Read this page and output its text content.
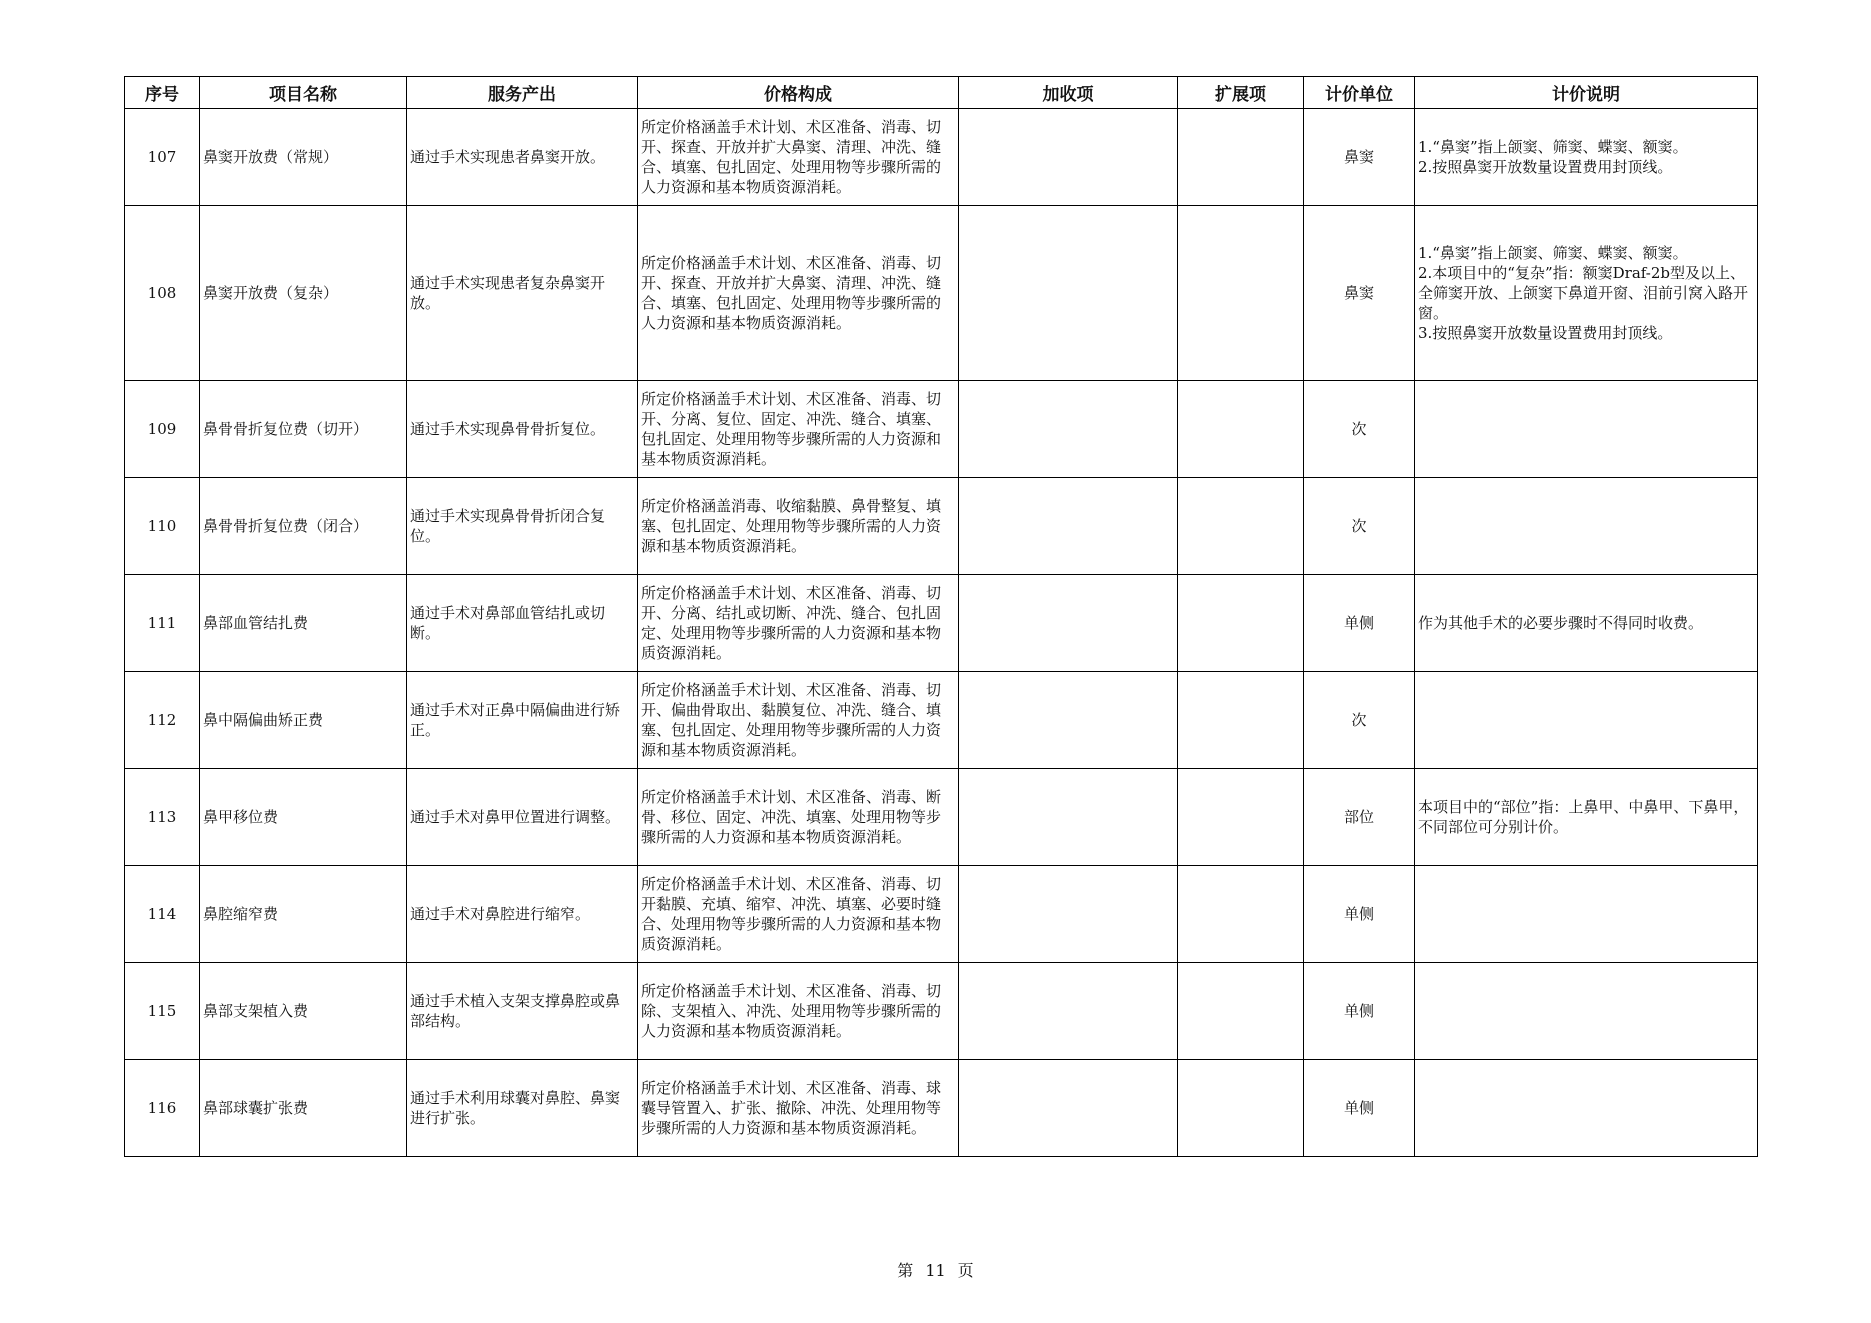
序号	项目名称	服务产出	价格构成	加收项	扩展项	计价单位	计价说明
107	鼻窦开放费（常规）	通过手术实现患者鼻窦开放。	所定价格涵盖手术计划、术区准备、消毒、切开、探查、开放并扩大鼻窦、清理、冲洗、缝合、填塞、包扎固定、处理用物等步骤所需的人力资源和基本物质资源消耗。			鼻窦	1.“鼻窦”指上颌窦、筛窦、蝶窦、额窦。
2.按照鼻窦开放数量设置费用封顶线。

108	鼻窦开放费（复杂）	通过手术实现患者复杂鼻窦开放。	所定价格涵盖手术计划、术区准备、消毒、切开、探查、开放并扩大鼻窦、清理、冲洗、缝合、填塞、包扎固定、处理用物等步骤所需的人力资源和基本物质资源消耗。			鼻窦	1.“鼻窦”指上颌窦、筛窦、蝶窦、额窦。
2.本项目中的“复杂”指：额窦Draf-2b型及以上、全筛窦开放、上颌窦下鼻道开窗、泪前引窝入路开窗。
3.按照鼻窦开放数量设置费用封顶线。

109	鼻骨骨折复位费（切开）	通过手术实现鼻骨骨折复位。	所定价格涵盖手术计划、术区准备、消毒、切开、分离、复位、固定、冲洗、缝合、填塞、包扎固定、处理用物等步骤所需的人力资源和基本物质资源消耗。			次	
110	鼻骨骨折复位费（闭合）	通过手术实现鼻骨骨折闭合复位。	所定价格涵盖消毒、收缩黏膜、鼻骨整复、填塞、包扎固定、处理用物等步骤所需的人力资源和基本物质资源消耗。			次	
111	鼻部血管结扎费	通过手术对鼻部血管结扎或切断。	所定价格涵盖手术计划、术区准备、消毒、切开、分离、结扎或切断、冲洗、缝合、包扎固定、处理用物等步骤所需的人力资源和基本物质资源消耗。			单侧	作为其他手术的必要步骤时不得同时收费。

112	鼻中隔偏曲矫正费	通过手术对正鼻中隔偏曲进行矫正。	所定价格涵盖手术计划、术区准备、消毒、切开、偏曲骨取出、黏膜复位、冲洗、缝合、填塞、包扎固定、处理用物等步骤所需的人力资源和基本物质资源消耗。			次	
113	鼻甲移位费	通过手术对鼻甲位置进行调整。	所定价格涵盖手术计划、术区准备、消毒、断骨、移位、固定、冲洗、填塞、处理用物等步骤所需的人力资源和基本物质资源消耗。			部位	本项目中的“部位”指：上鼻甲、中鼻甲、下鼻甲，不同部位可分别计价。

114	鼻腔缩窄费	通过手术对鼻腔进行缩窄。	所定价格涵盖手术计划、术区准备、消毒、切开黏膜、充填、缩窄、冲洗、填塞、必要时缝合、处理用物等步骤所需的人力资源和基本物质资源消耗。			单侧	
115	鼻部支架植入费	通过手术植入支架支撑鼻腔或鼻部结构。	所定价格涵盖手术计划、术区准备、消毒、切除、支架植入、冲洗、处理用物等步骤所需的人力资源和基本物质资源消耗。			单侧	
116	鼻部球囊扩张费	通过手术利用球囊对鼻腔、鼻窦进行扩张。	所定价格涵盖手术计划、术区准备、消毒、球囊导管置入、扩张、撤除、冲洗、处理用物等步骤所需的人力资源和基本物质资源消耗。			单侧	
第 11 页
